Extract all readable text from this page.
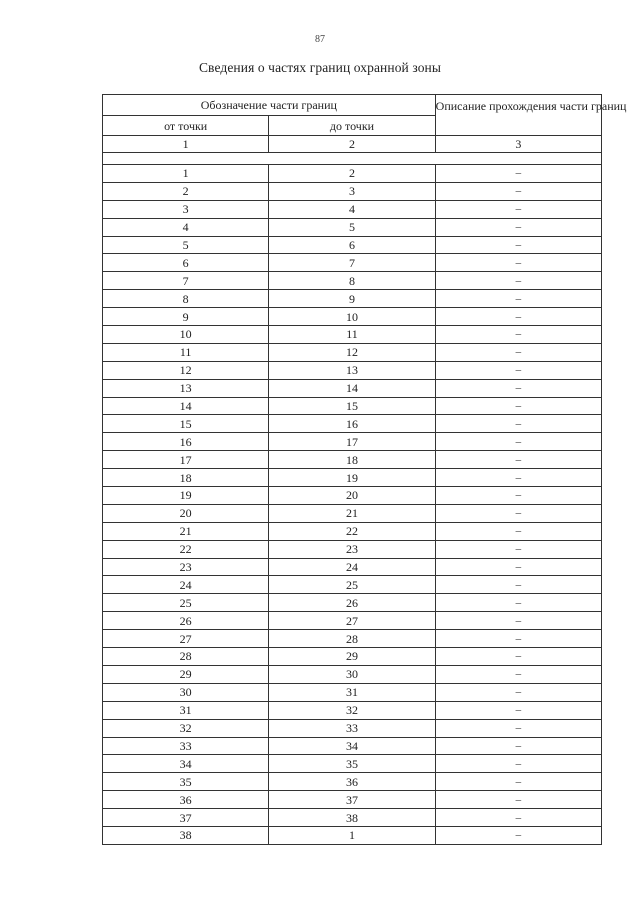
87
Сведения о частях границ охранной зоны
Обозначение части границ		Описание прохождения части границ
от точки	до точки	
1	2	3

1	2	–
2	3	–
3	4	–
4	5	–
5	6	–
6	7	–
7	8	–
8	9	–
9	10	–
10	11	–
11	12	–
12	13	–
13	14	–
14	15	–
15	16	–
16	17	–
17	18	–
18	19	–
19	20	–
20	21	–
21	22	–
22	23	–
23	24	–
24	25	–
25	26	–
26	27	–
27	28	–
28	29	–
29	30	–
30	31	–
31	32	–
32	33	–
33	34	–
34	35	–
35	36	–
36	37	–
37	38	–
38	1	–
